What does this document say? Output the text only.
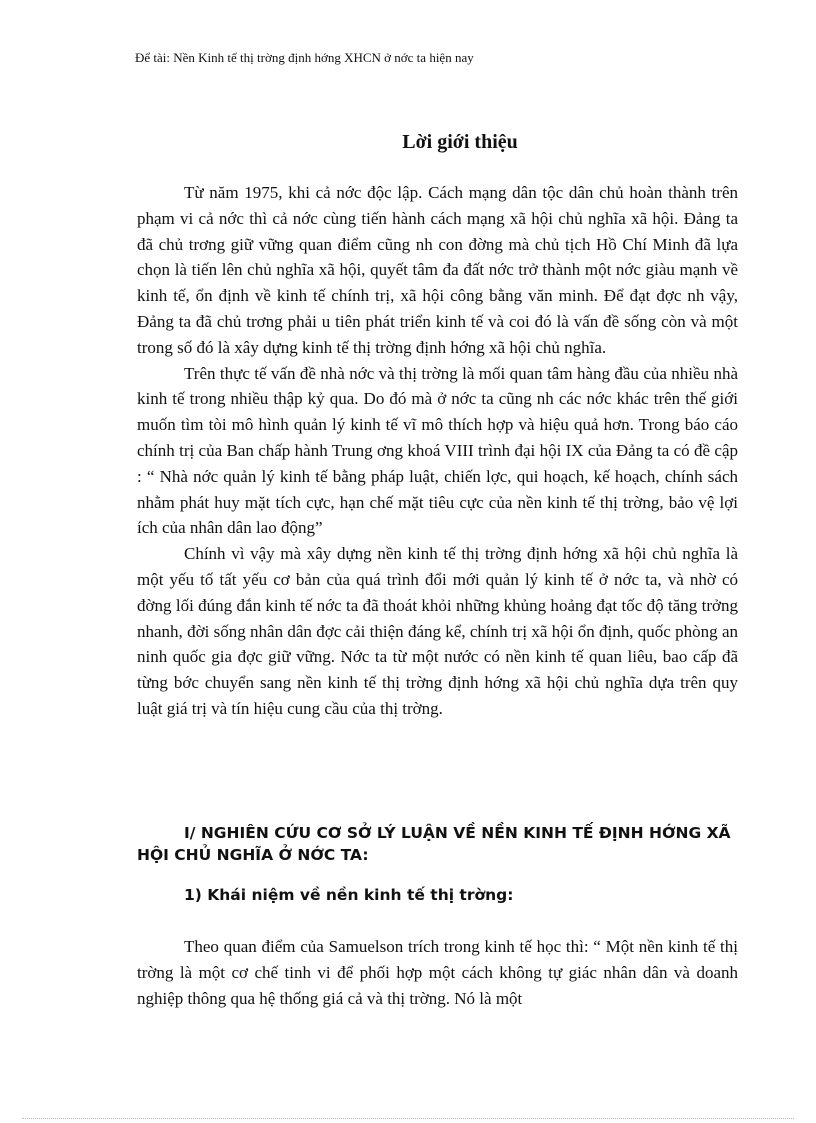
Để tài: Nền Kinh tế thị trờng định hớng XHCN ở nớc ta hiện nay
Lời giới thiệu

Từ năm 1975, khi cả nớc độc lập. Cách mạng dân tộc dân chủ hoàn thành trên phạm vi cả nớc thì cả nớc cùng tiến hành cách mạng xã hội chủ nghĩa xã hội. Đảng ta đã chủ trơng giữ vững quan điểm cũng nh con đờng mà chủ tịch Hồ Chí Minh đã lựa chọn là tiến lên chủ nghĩa xã hội, quyết tâm đa đất nớc trở thành một nớc giàu mạnh về kinh tế, ổn định về kinh tế chính trị, xã hội công bằng văn minh. Để đạt đợc nh vậy, Đảng ta đã chủ trơng phải u tiên phát triển kinh tế và coi đó là vấn đề sống còn và một trong số đó là xây dựng kinh tế thị trờng định hớng xã hội chủ nghĩa.

Trên thực tế vấn đề nhà nớc và thị trờng là mối quan tâm hàng đầu của nhiều nhà kinh tế trong nhiều thập kỷ qua. Do đó mà ở nớc ta cũng nh các nớc khác trên thế giới muốn tìm tòi mô hình quản lý kinh tế vĩ mô thích hợp và hiệu quả hơn. Trong báo cáo chính trị của Ban chấp hành Trung ơng khoá VIII trình đại hội IX của Đảng ta có đề cập : “ Nhà nớc quản lý kinh tế bằng pháp luật, chiến lợc, qui hoạch, kế hoạch, chính sách nhằm phát huy mặt tích cực, hạn chế mặt tiêu cực của nền kinh tế thị trờng, bảo vệ lợi ích của nhân dân lao động”

Chính vì vậy mà xây dựng nền kinh tế thị trờng định hớng xã hội chủ nghĩa là một yếu tố tất yếu cơ bản của quá trình đổi mới quản lý kinh tế ở nớc ta, và nhờ có đờng lối đúng đắn kinh tế nớc ta đã thoát khỏi những khủng hoảng đạt tốc độ tăng trởng nhanh, đời sống nhân dân đợc cải thiện đáng kể, chính trị xã hội ổn định, quốc phòng an ninh quốc gia đợc giữ vững. Nớc ta từ một nước có nền kinh tế quan liêu, bao cấp đã từng bớc chuyển sang nền kinh tế thị trờng định hớng xã hội chủ nghĩa dựa trên quy luật giá trị và tín hiệu cung cầu của thị trờng.

I/ NGHIÊN CỨU CƠ SỞ LÝ LUẬN VỀ NỀN KINH TẾ ĐỊNH HỚNG XÃ HỘI CHỦ NGHĨA Ở NỚC TA:
1) Khái niệm về nền kinh tế thị trờng:

Theo quan điểm của Samuelson trích trong kinh tế học thì: “ Một nền kinh tế thị trờng là một cơ chế tinh vi để phối hợp một cách không tự giác nhân dân và doanh nghiệp thông qua hệ thống giá cả và thị trờng. Nó là một
